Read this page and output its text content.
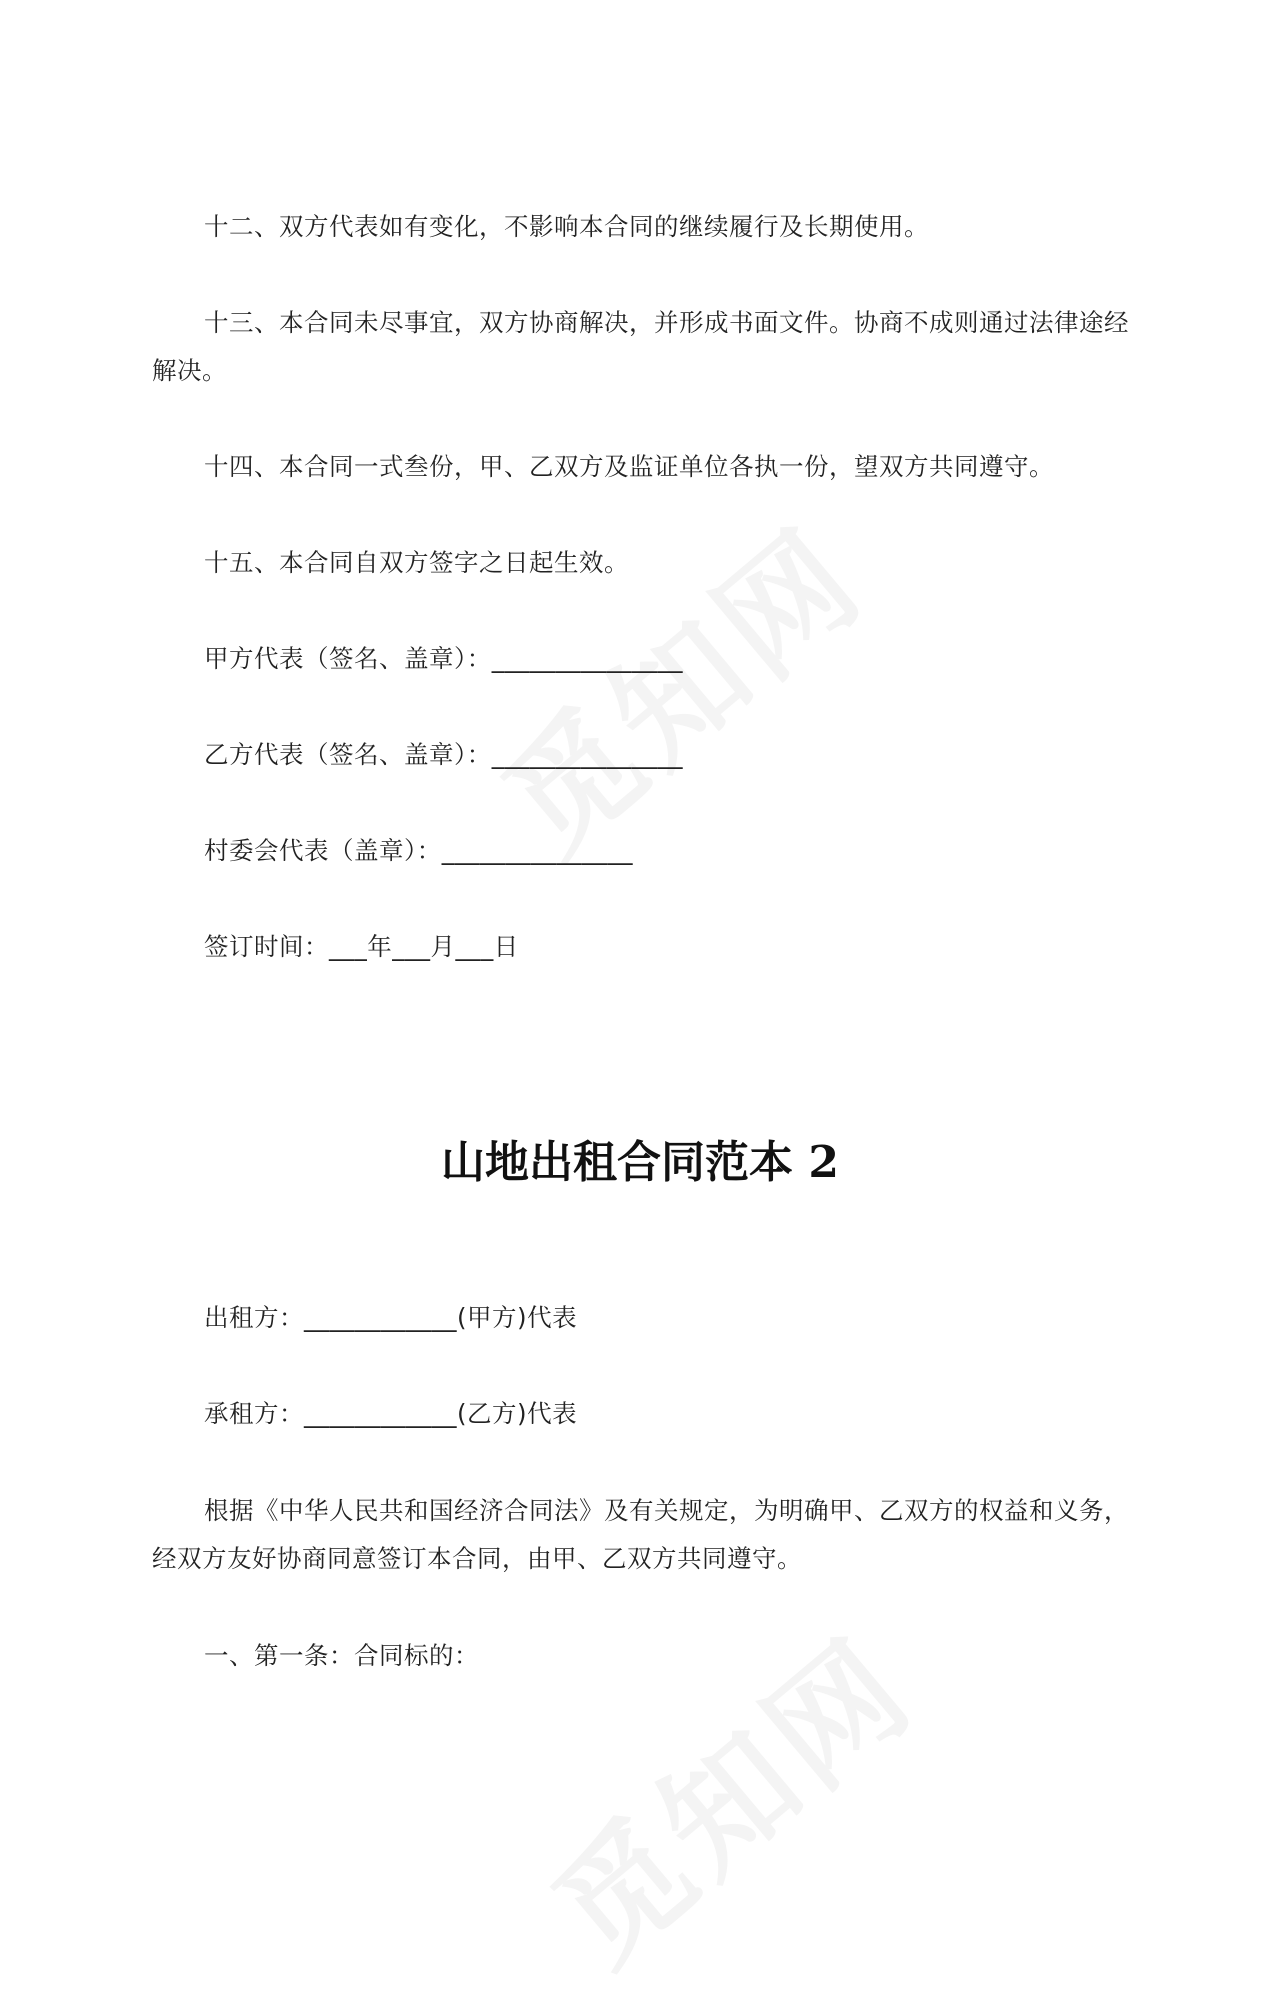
十二、双方代表如有变化，不影响本合同的继续履行及长期使用。

十三、本合同未尽事宜，双方协商解决，并形成书面文件。协商不成则通过法律途经解决。

十四、本合同一式叁份，甲、乙双方及监证单位各执一份，望双方共同遵守。

十五、本合同自双方签字之日起生效。

甲方代表（签名、盖章）：_______________

乙方代表（签名、盖章）：_______________

村委会代表（盖章）：_______________

签订时间：___年___月___日

山地出租合同范本 2

出租方：____________(甲方)代表

承租方：____________(乙方)代表

根据《中华人民共和国经济合同法》及有关规定，为明确甲、乙双方的权益和义务，经双方友好协商同意签订本合同，由甲、乙双方共同遵守。

一、第一条：合同标的：
